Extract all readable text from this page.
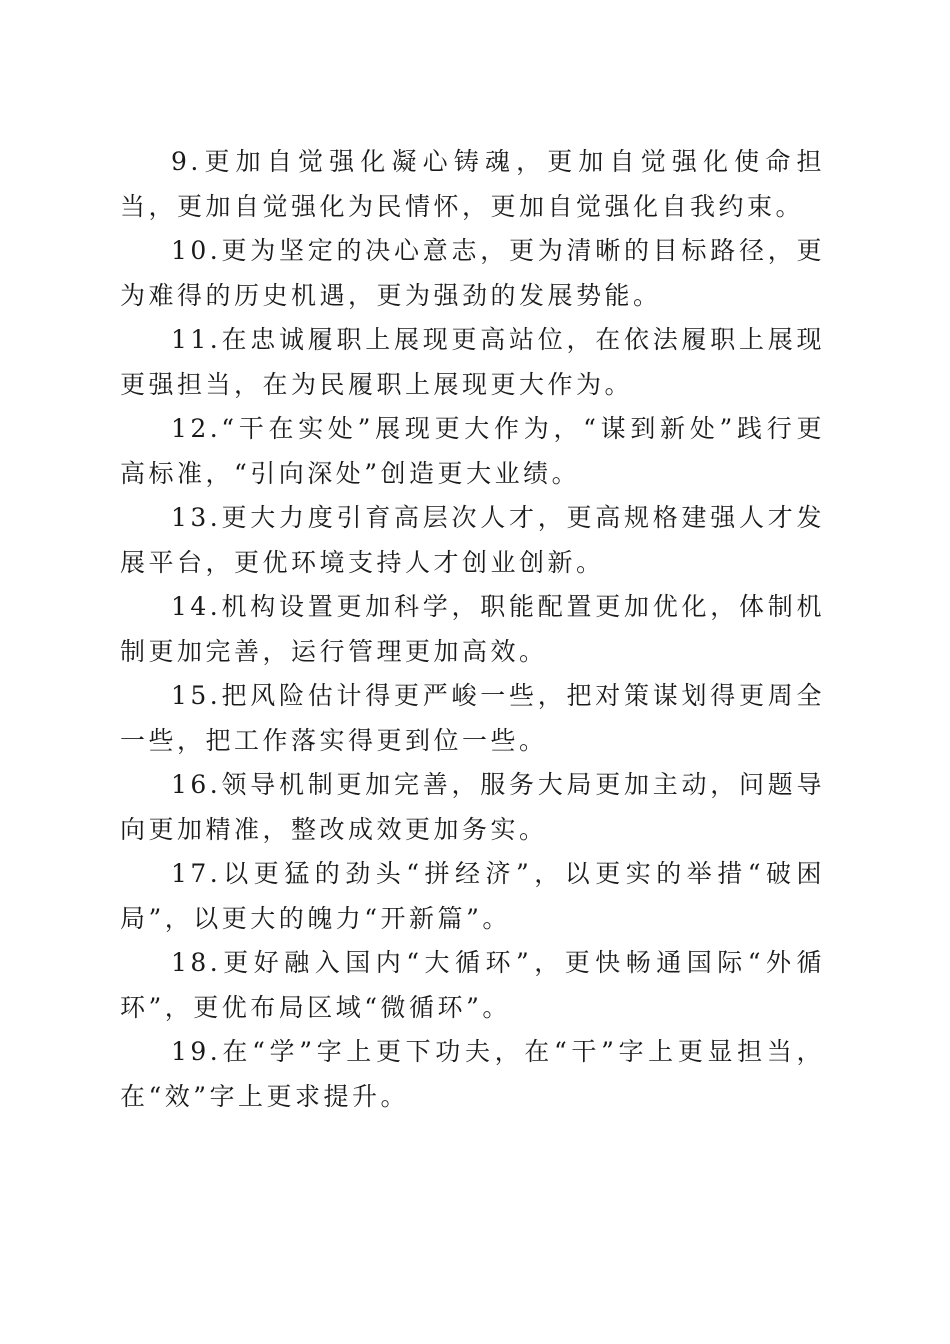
9.更加自觉强化凝心铸魂，更加自觉强化使命担当，更加自觉强化为民情怀，更加自觉强化自我约束。

10.更为坚定的决心意志，更为清晰的目标路径，更为难得的历史机遇，更为强劲的发展势能。

11.在忠诚履职上展现更高站位，在依法履职上展现更强担当，在为民履职上展现更大作为。

12.“干在实处”展现更大作为，“谋到新处”践行更高标准，“引向深处”创造更大业绩。

13.更大力度引育高层次人才，更高规格建强人才发展平台，更优环境支持人才创业创新。

14.机构设置更加科学，职能配置更加优化，体制机制更加完善，运行管理更加高效。

15.把风险估计得更严峻一些，把对策谋划得更周全一些，把工作落实得更到位一些。

16.领导机制更加完善，服务大局更加主动，问题导向更加精准，整改成效更加务实。

17.以更猛的劲头“拼经济”，以更实的举措“破困局”，以更大的魄力“开新篇”。

18.更好融入国内“大循环”，更快畅通国际“外循环”，更优布局区域“微循环”。

19.在“学”字上更下功夫，在“干”字上更显担当，在“效”字上更求提升。
